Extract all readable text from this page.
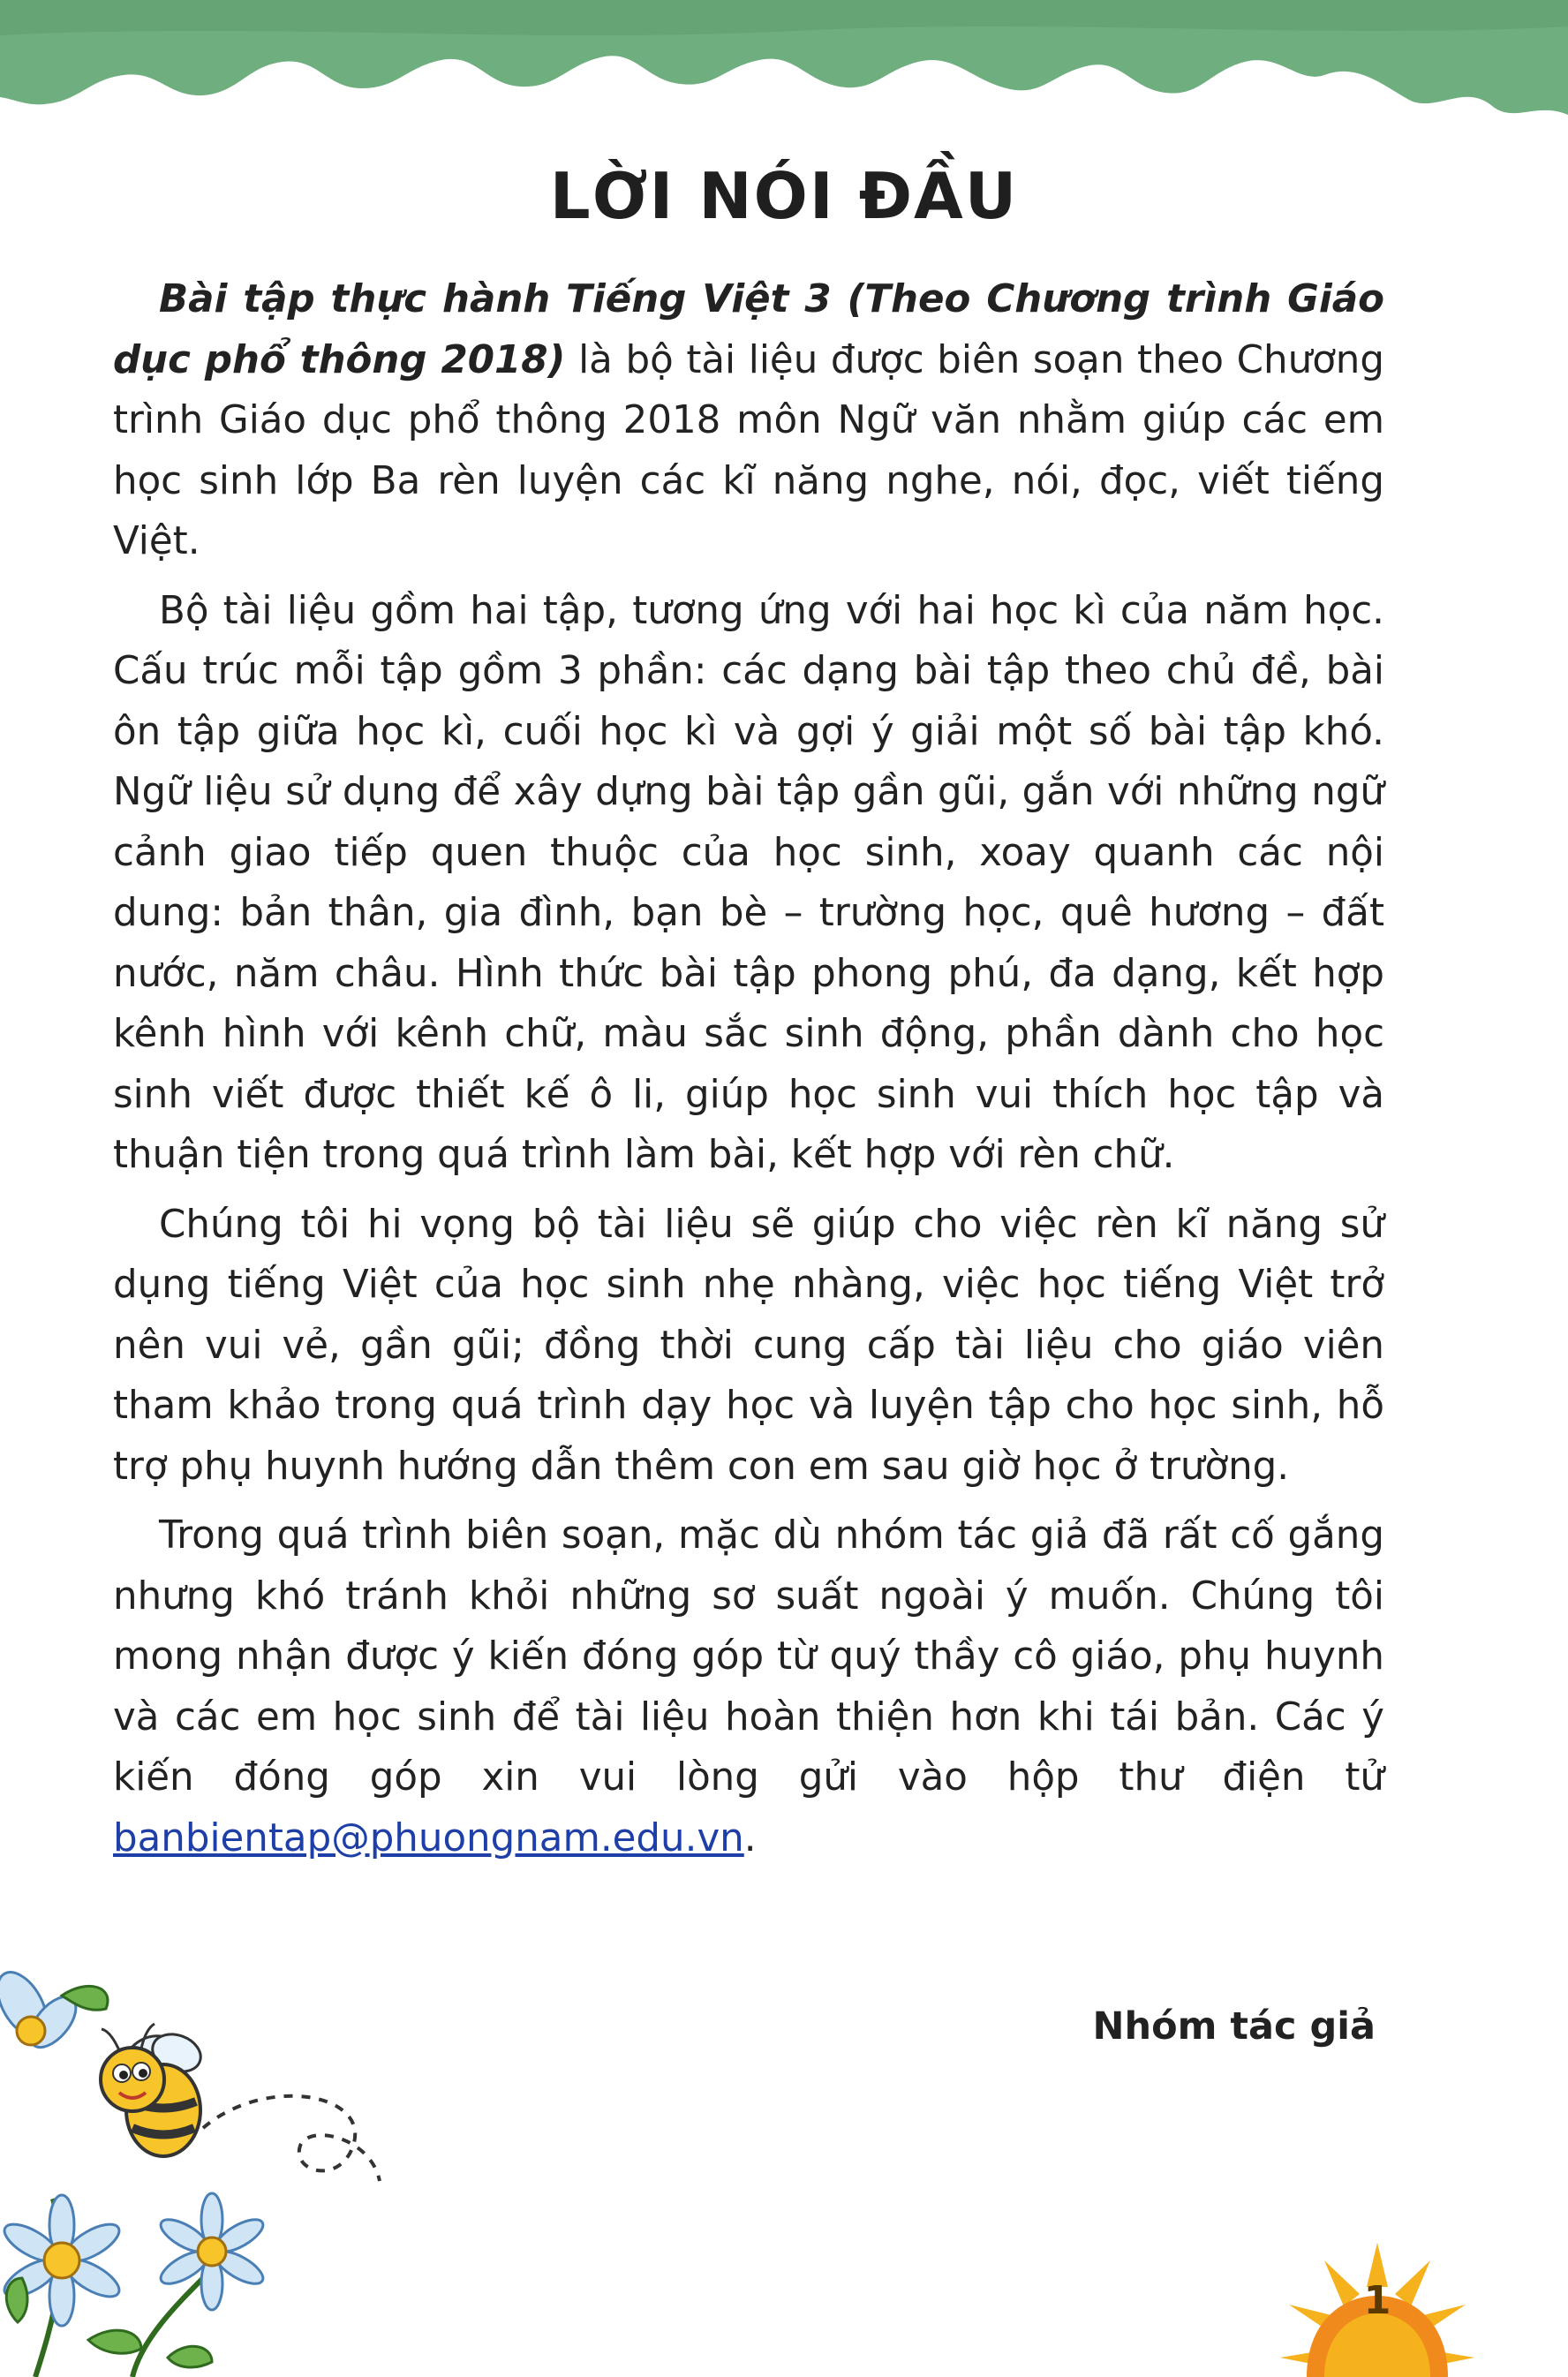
LỜI NÓI ĐẦU

Bài tập thực hành Tiếng Việt 3 (Theo Chương trình Giáo dục phổ thông 2018) là bộ tài liệu được biên soạn theo Chương trình Giáo dục phổ thông 2018 môn Ngữ văn nhằm giúp các em học sinh lớp Ba rèn luyện các kĩ năng nghe, nói, đọc, viết tiếng Việt.

Bộ tài liệu gồm hai tập, tương ứng với hai học kì của năm học. Cấu trúc mỗi tập gồm 3 phần: các dạng bài tập theo chủ đề, bài ôn tập giữa học kì, cuối học kì và gợi ý giải một số bài tập khó. Ngữ liệu sử dụng để xây dựng bài tập gần gũi, gắn với những ngữ cảnh giao tiếp quen thuộc của học sinh, xoay quanh các nội dung: bản thân, gia đình, bạn bè – trường học, quê hương – đất nước, năm châu. Hình thức bài tập phong phú, đa dạng, kết hợp kênh hình với kênh chữ, màu sắc sinh động, phần dành cho học sinh viết được thiết kế ô li, giúp học sinh vui thích học tập và thuận tiện trong quá trình làm bài, kết hợp với rèn chữ.

Chúng tôi hi vọng bộ tài liệu sẽ giúp cho việc rèn kĩ năng sử dụng tiếng Việt của học sinh nhẹ nhàng, việc học tiếng Việt trở nên vui vẻ, gần gũi; đồng thời cung cấp tài liệu cho giáo viên tham khảo trong quá trình dạy học và luyện tập cho học sinh, hỗ trợ phụ huynh hướng dẫn thêm con em sau giờ học ở trường.

Trong quá trình biên soạn, mặc dù nhóm tác giả đã rất cố gắng nhưng khó tránh khỏi những sơ suất ngoài ý muốn. Chúng tôi mong nhận được ý kiến đóng góp từ quý thầy cô giáo, phụ huynh và các em học sinh để tài liệu hoàn thiện hơn khi tái bản. Các ý kiến đóng góp xin vui lòng gửi vào hộp thư điện tử banbientap@phuongnam.edu.vn.

Nhóm tác giả
1
